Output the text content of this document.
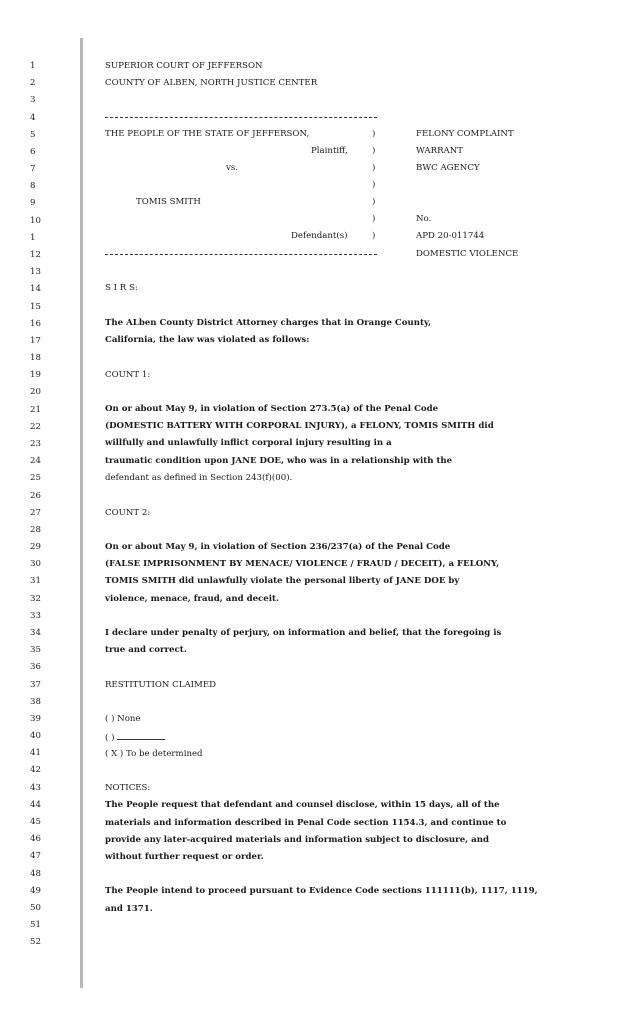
1
2
3
4
5
6
7
8
9
10
1
12
13
14
15
16
17
18
19
20
21
22
23
24
25
26
27
28
29
30
31
32
33
34
35
36
37
38
39
40
41
42
43
44
45
46
47
48
49
50
51
52
SUPERIOR COURT OF JEFFERSON
COUNTY OF ALBEN, NORTH JUSTICE CENTER
THE PEOPLE OF THE STATE OF JEFFERSON,	)
Plaintiff,	)
vs.	)
)
TOMIS SMITH	)
)
Defendant(s)	)
FELONY COMPLAINT
WARRANT
BWC AGENCY
No.
APD 20-011744
DOMESTIC VIOLENCE
S I R S:
The ALben County District Attorney charges that in Orange County,
California, the law was violated as follows:
COUNT 1:
On or about May 9, in violation of Section 273.5(a) of the Penal Code
(DOMESTIC BATTERY WITH CORPORAL INJURY), a FELONY, TOMIS SMITH did
willfully and unlawfully inflict corporal injury resulting in a
traumatic condition upon JANE DOE, who was in a relationship with the
defendant as defined in Section 243(f)(00).
COUNT 2:
On or about May 9, in violation of Section 236/237(a) of the Penal Code
(FALSE IMPRISONMENT BY MENACE/ VIOLENCE / FRAUD / DECEIT), a FELONY,
TOMIS SMITH did unlawfully violate the personal liberty of JANE DOE by
violence, menace, fraud, and deceit.
I declare under penalty of perjury, on information and belief, that the foregoing is
true and correct.
RESTITUTION CLAIMED
( ) None
( )
( X ) To be determined
NOTICES:
The People request that defendant and counsel disclose, within 15 days, all of the
materials and information described in Penal Code section 1154.3, and continue to
provide any later-acquired materials and information subject to disclosure, and
without further request or order.
The People intend to proceed pursuant to Evidence Code sections 111111(b), 1117, 1119,
and 1371.
